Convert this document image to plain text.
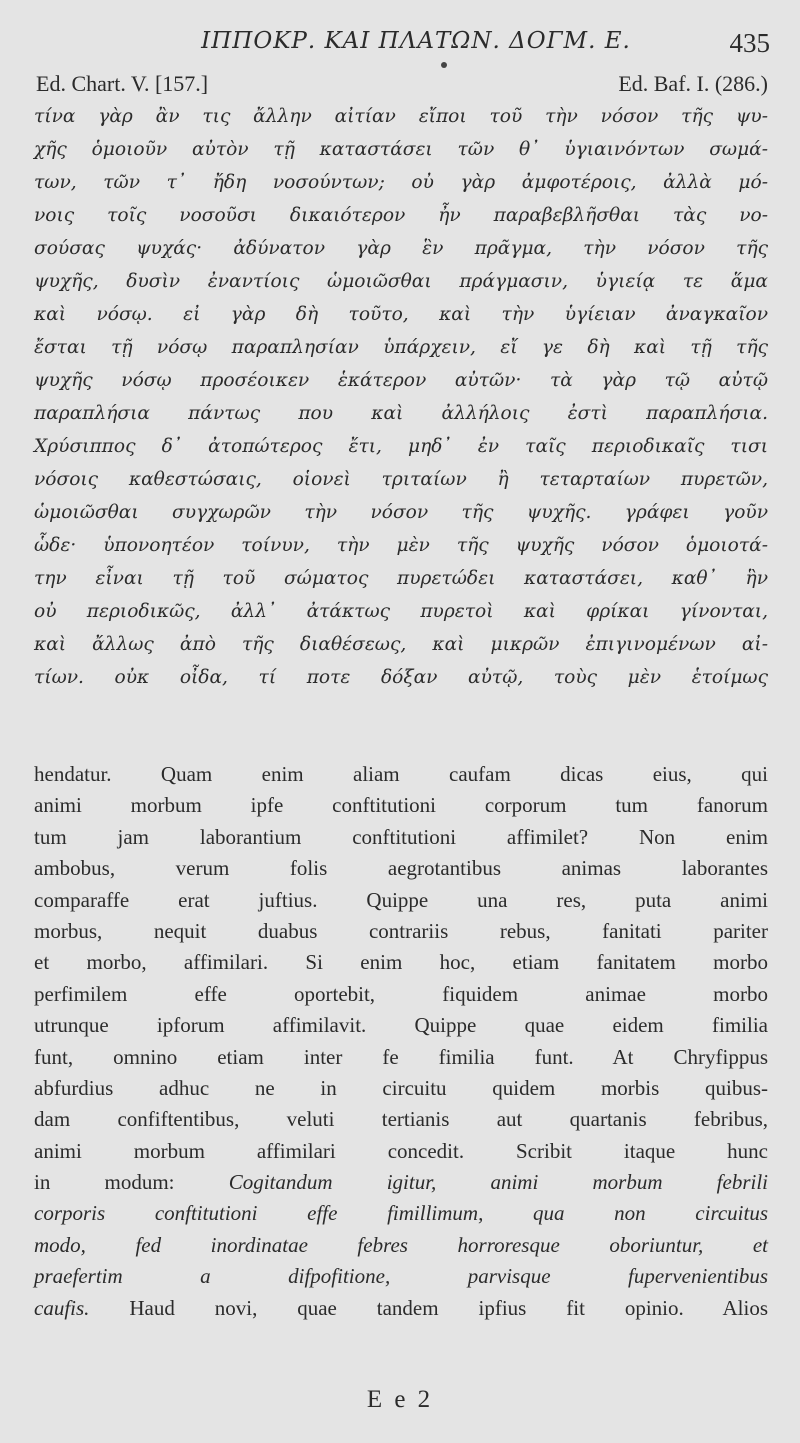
ΙΠΠΟΚΡ. ΚΑΙ ΠΛΑΤΩΝ. ΔΟΓΜ. Ε.	435
Ed. Chart. V. [157.]	Ed. Baf. I. (286.)
τίνα γὰρ ἂν τις ἄλλην αἰτίαν εἴποι τοῦ τὴν νόσον τῆς ψυ-
χῆς ὁμοιοῦν αὐτὸν τῇ καταστάσει τῶν θ᾽ ὑγιαινόντων σωμά-
των, τῶν τ᾽ ἤδη νοσούντων; οὐ γὰρ ἀμφοτέροις, ἀλλὰ μό-
νοις τοῖς νοσοῦσι δικαιότερον ἦν παραβεβλῆσθαι τὰς νο-
σούσας ψυχάς· ἀδύνατον γὰρ ἓν πρᾶγμα, τὴν νόσον τῆς
ψυχῆς, δυσὶν ἐναντίοις ὡμοιῶσθαι πράγμασιν, ὑγιείᾳ τε ἅμα
καὶ νόσῳ. εἰ γὰρ δὴ τοῦτο, καὶ τὴν ὑγίειαν ἀναγκαῖον
ἔσται τῇ νόσῳ παραπλησίαν ὑπάρχειν, εἴ γε δὴ καὶ τῇ τῆς
ψυχῆς νόσῳ προσέοικεν ἑκάτερον αὐτῶν· τὰ γὰρ τῷ αὐτῷ
παραπλήσια πάντως που καὶ ἀλλήλοις ἐστὶ παραπλήσια.
Χρύσιππος δ᾽ ἀτοπώτερος ἔτι, μηδ᾽ ἐν ταῖς περιοδικαῖς τισι
νόσοις καθεστώσαις, οἱονεὶ τριταίων ἢ τεταρταίων πυρετῶν,
ὡμοιῶσθαι συγχωρῶν τὴν νόσον τῆς ψυχῆς. γράφει γοῦν
ὧδε· ὑπονοητέον τοίνυν, τὴν μὲν τῆς ψυχῆς νόσον ὁμοιοτά-
την εἶναι τῇ τοῦ σώματος πυρετώδει καταστάσει, καθ᾽ ἣν
οὐ περιοδικῶς, ἀλλ᾽ ἀτάκτως πυρετοὶ καὶ φρίκαι γίνονται,
καὶ ἄλλως ἀπὸ τῆς διαθέσεως, καὶ μικρῶν ἐπιγινομένων αἰ-
τίων. οὐκ οἶδα, τί ποτε δόξαν αὐτῷ, τοὺς μὲν ἑτοίμως
hendatur. Quam enim aliam caufam dicas eius, qui
animi morbum ipfe conftitutioni corporum tum fanorum
tum jam laborantium conftitutioni affimilet? Non enim
ambobus, verum folis aegrotantibus animas laborantes
comparaffe erat juftius. Quippe una res, puta animi
morbus, nequit duabus contrariis rebus, fanitati pariter
et morbo, affimilari. Si enim hoc, etiam fanitatem morbo
perfimilem effe oportebit, fiquidem animae morbo
utrunque ipforum affimilavit. Quippe quae eidem fimilia
funt, omnino etiam inter fe fimilia funt. At Chryfippus
abfurdius adhuc ne in circuitu quidem morbis quibus-
dam confiftentibus, veluti tertianis aut quartanis febribus,
animi morbum affimilari concedit. Scribit itaque hunc
in modum: Cogitandum igitur, animi morbum febrili
corporis conftitutioni effe fimillimum, qua non circuitus
modo, fed inordinatae febres horroresque oboriuntur, et
praefertim a difpofitione, parvisque fupervenientibus
caufis. Haud novi, quae tandem ipfius fit opinio. Alios
E e 2
